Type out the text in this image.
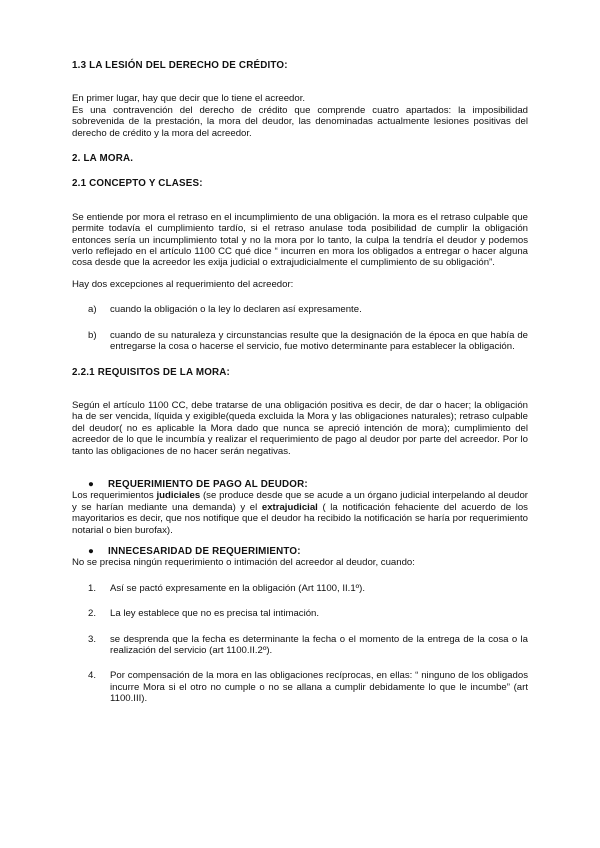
1.3 LA LESIÓN DEL DERECHO DE CRÉDITO:

En primer lugar, hay que decir que lo tiene el acreedor.

Es una contravención del derecho de crédito que comprende cuatro apartados: la imposibilidad sobrevenida de la prestación, la mora del deudor, las denominadas actualmente lesiones positivas del derecho de crédito y la mora del acreedor.

2. LA MORA.
2.1 CONCEPTO Y CLASES:

Se entiende por mora el retraso en el incumplimiento de una obligación. la mora es el retraso culpable que permite todavía el cumplimiento tardío, si el retraso anulase toda posibilidad de cumplir la obligación entonces sería un incumplimiento total y no la mora por lo tanto, la culpa la tendría el deudor y podemos verlo reflejado en el artículo 1100 CC qué dice “ incurren en mora los obligados a entregar o hacer alguna cosa desde que la acreedor les exija judicial o extrajudicialmente el cumplimiento de su obligación”.

Hay dos excepciones al requerimiento del acreedor:

a) cuando la obligación o la ley lo declaren así expresamente.
b) cuando de su naturaleza y circunstancias resulte que la designación de la época en que había de entregarse la cosa o hacerse el servicio, fue motivo determinante para establecer la obligación.
2.2.1 REQUISITOS DE LA MORA:

Según el artículo 1100 CC, debe tratarse de una obligación positiva es decir, de dar o hacer; la obligación ha de ser vencida, líquida y exigible(queda excluida la Mora y las obligaciones naturales); retraso culpable del deudor( no es aplicable la Mora dado que nunca se apreció intención de mora); cumplimiento del acreedor de lo que le incumbía y realizar el requerimiento de pago al deudor por parte del acreedor. Por lo tanto las obligaciones de no hacer serán negativas.

● REQUERIMIENTO DE PAGO AL DEUDOR:

Los requerimientos judiciales (se produce desde que se acude a un órgano judicial interpelando al deudor y se harían mediante una demanda) y el extrajudicial ( la notificación fehaciente del acuerdo de los mayoritarios es decir, que nos notifique que el deudor ha recibido la notificación se haría por requerimiento notarial o bien burofax).

● INNECESARIDAD DE REQUERIMIENTO:

No se precisa ningún requerimiento o intimación del acreedor al deudor, cuando:

1. Así se pactó expresamente en la obligación (Art 1100, II.1º).
2. La ley establece que no es precisa tal intimación.
3. se desprenda que la fecha es determinante la fecha o el momento de la entrega de la cosa o la realización del servicio (art 1100.II.2º).
4. Por compensación de la mora en las obligaciones recíprocas, en ellas: “ ninguno de los obligados incurre Mora si el otro no cumple o no se allana a cumplir debidamente lo que le incumbe” (art 1100.III).
